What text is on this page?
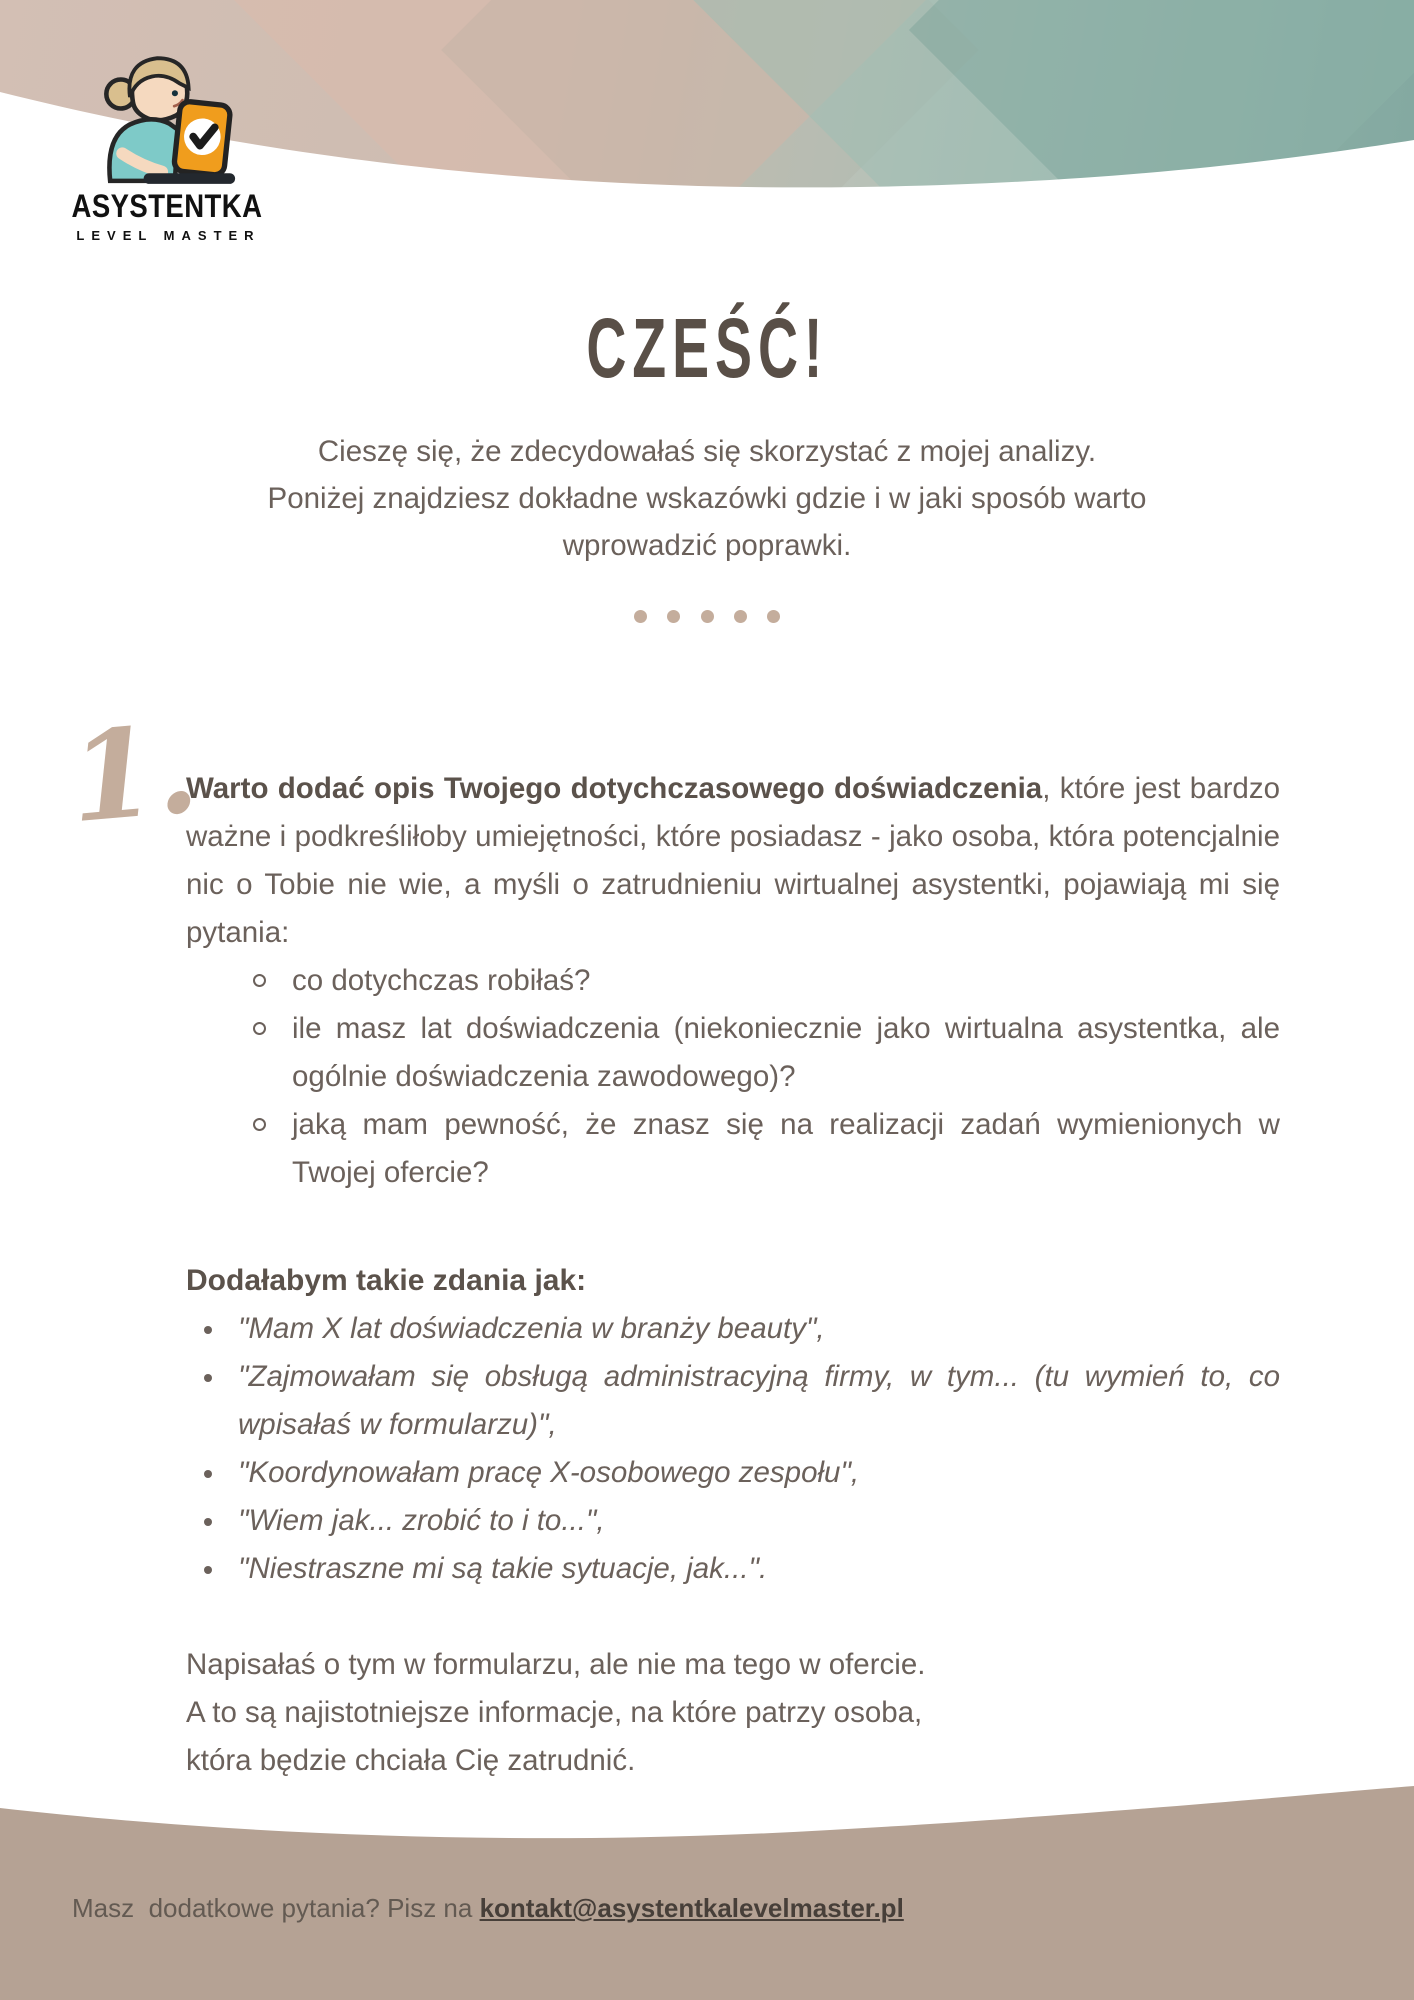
ASYSTENTKA
LEVEL MASTER
CZEŚĆ!
Cieszę się, że zdecydowałaś się skorzystać z mojej analizy.
Poniżej znajdziesz dokładne wskazówki gdzie i w jaki sposób warto
wprowadzić poprawki.

1.

Warto dodać opis Twojego dotychczasowego doświadczenia, które jest bardzo ważne i podkreśliłoby umiejętności, które posiadasz - jako osoba, która potencjalnie nic o Tobie nie wie, a myśli o zatrudnieniu wirtualnej asystentki, pojawiają mi się pytania:

co dotychczas robiłaś?
ile masz lat doświadczenia (niekoniecznie jako wirtualna asystentka, ale ogólnie doświadczenia zawodowego)?
jaką mam pewność, że znasz się na realizacji zadań wymienionych w Twojej ofercie?
Dodałabym takie zdania jak:
"Mam X lat doświadczenia w branży beauty",
"Zajmowałam się obsługą administracyjną firmy, w tym... (tu wymień to, co wpisałaś w formularzu)",
"Koordynowałam pracę X-osobowego zespołu",
"Wiem jak... zrobić to i to...",
"Niestraszne mi są takie sytuacje, jak...".
Napisałaś o tym w formularzu, ale nie ma tego w ofercie.
A to są najistotniejsze informacje, na które patrzy osoba,
która będzie chciała Cię zatrudnić.
Masz  dodatkowe pytania? Pisz na kontakt@asystentkalevelmaster.pl
